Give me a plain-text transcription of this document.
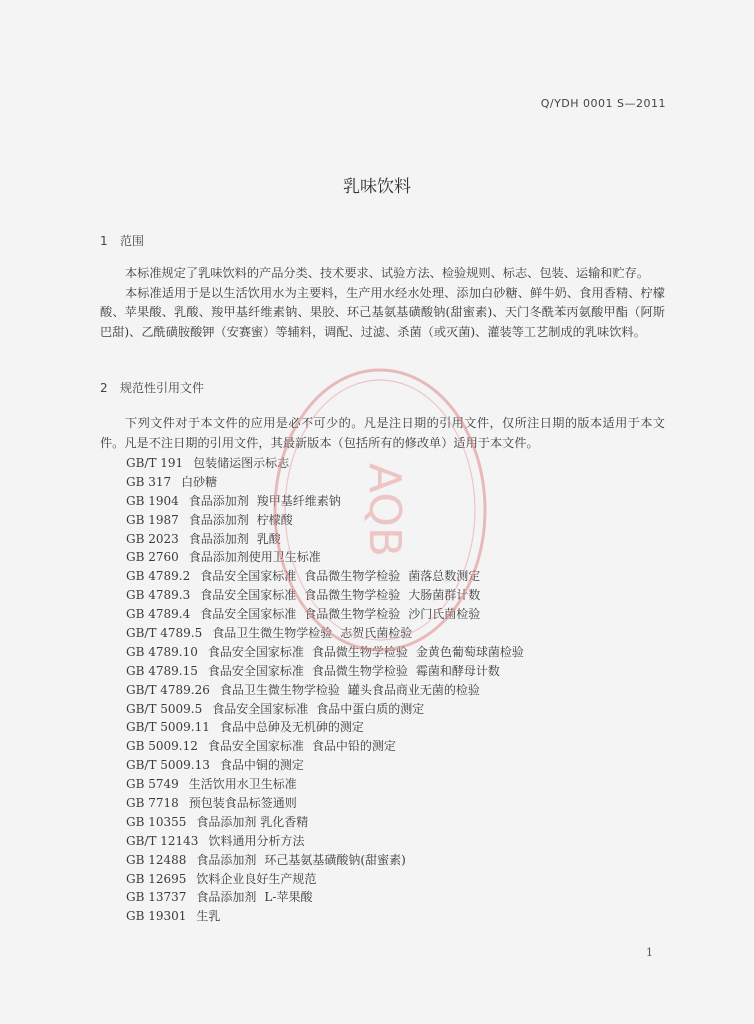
Q/YDH 0001 S—2011
乳味饮料
1 范围

本标准规定了乳味饮料的产品分类、技术要求、试验方法、检验规则、标志、包装、运输和贮存。

本标准适用于是以生活饮用水为主要料，生产用水经水处理、添加白砂糖、鲜牛奶、食用香精、柠檬酸、苹果酸、乳酸、羧甲基纤维素钠、果胶、环己基氨基磺酸钠(甜蜜素)、天门冬酰苯丙氨酸甲酯（阿斯巴甜)、乙酰磺胺酸钾（安赛蜜）等辅料，调配、过滤、杀菌（或灭菌)、灌装等工艺制成的乳味饮料。

2 规范性引用文件

下列文件对于本文件的应用是必不可少的。凡是注日期的引用文件，仅所注日期的版本适用于本文件。凡是不注日期的引用文件，其最新版本（包括所有的修改单）适用于本文件。

GB/T 191 包装储运图示标志
GB 317 白砂糖
GB 1904 食品添加剂 羧甲基纤维素钠
GB 1987 食品添加剂 柠檬酸
GB 2023 食品添加剂 乳酸
GB 2760 食品添加剂使用卫生标准
GB 4789.2 食品安全国家标准 食品微生物学检验 菌落总数测定
GB 4789.3 食品安全国家标准 食品微生物学检验 大肠菌群计数
GB 4789.4 食品安全国家标准 食品微生物学检验 沙门氏菌检验
GB/T 4789.5 食品卫生微生物学检验 志贺氏菌检验
GB 4789.10 食品安全国家标准 食品微生物学检验 金黄色葡萄球菌检验
GB 4789.15 食品安全国家标准 食品微生物学检验 霉菌和酵母计数
GB/T 4789.26 食品卫生微生物学检验 罐头食品商业无菌的检验
GB/T 5009.5 食品安全国家标准 食品中蛋白质的测定
GB/T 5009.11 食品中总砷及无机砷的测定
GB 5009.12 食品安全国家标准 食品中铅的测定
GB/T 5009.13 食品中铜的测定
GB 5749 生活饮用水卫生标准
GB 7718 预包装食品标签通则
GB 10355 食品添加剂 乳化香精
GB/T 12143 饮料通用分析方法
GB 12488 食品添加剂 环己基氨基磺酸钠(甜蜜素)
GB 12695 饮料企业良好生产规范
GB 13737 食品添加剂 L-苹果酸
GB 19301 生乳
AQB
1
